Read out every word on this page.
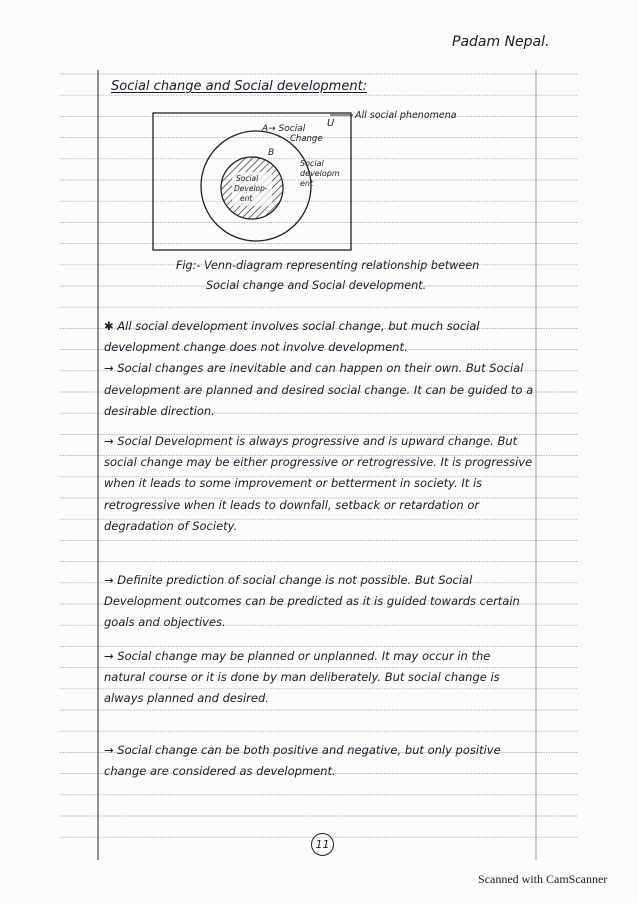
Padam Nepal.
Social change and Social development:
All social phenomena
U
A→ Social
Change
B
Social
developm
ent
Social
Develop-
ent
Fig:- Venn-diagram representing relationship between
Social change and Social development.
✱ All social development involves social change, but much social development change does not involve development.
→ Social changes are inevitable and can happen on their own. But Social development are planned and desired social change. It can be guided to a desirable direction.
→ Social Development is always progressive and is upward change. But social change may be either progressive or retrogressive. It is progressive when it leads to some improvement or betterment in society. It is retrogressive when it leads to downfall, setback or retardation or degradation of Society.
→ Definite prediction of social change is not possible. But Social Development outcomes can be predicted as it is guided towards certain goals and objectives.
→ Social change may be planned or unplanned. It may occur in the natural course or it is done by man deliberately. But social change is always planned and desired.
→ Social change can be both positive and negative, but only positive change are considered as development.
11
Scanned with CamScanner
